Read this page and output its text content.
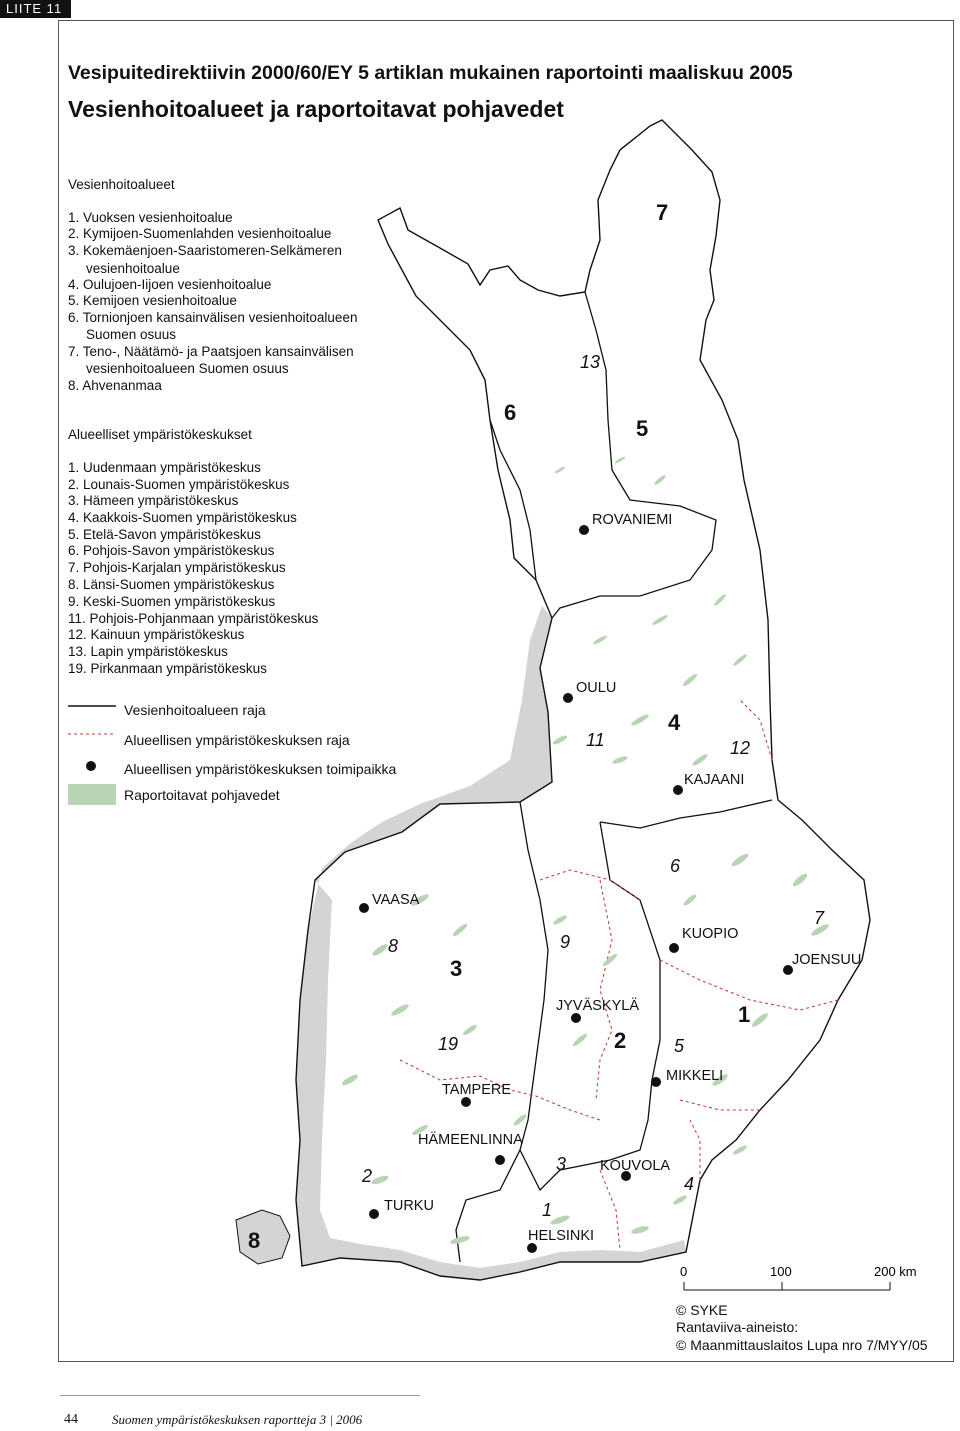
LIITE 11
Vesipuitedirektiivin 2000/60/EY 5 artiklan mukainen raportointi maaliskuu 2005
Vesienhoitoalueet ja raportoitavat pohjavedet
Vesienhoitoalueet
1. Vuoksen vesienhoitoalue
2. Kymijoen-Suomenlahden vesienhoitoalue
3. Kokemäenjoen-Saaristomeren-Selkämeren
vesienhoitoalue
4. Oulujoen-Iijoen vesienhoitoalue
5. Kemijoen vesienhoitoalue
6. Tornionjoen kansainvälisen vesienhoitoalueen
Suomen osuus
7. Teno-, Näätämö- ja Paatsjoen kansainvälisen
vesienhoitoalueen Suomen osuus
8. Ahvenanmaa
Alueelliset ympäristökeskukset
1. Uudenmaan ympäristökeskus
2. Lounais-Suomen ympäristökeskus
3. Hämeen ympäristökeskus
4. Kaakkois-Suomen ympäristökeskus
5. Etelä-Savon ympäristökeskus
6. Pohjois-Savon ympäristökeskus
7. Pohjois-Karjalan ympäristökeskus
8. Länsi-Suomen ympäristökeskus
9. Keski-Suomen ympäristökeskus
11. Pohjois-Pohjanmaan ympäristökeskus
12. Kainuun ympäristökeskus
13. Lapin ympäristökeskus
19. Pirkanmaan ympäristökeskus
Vesienhoitoalueen raja
Alueellisen ympäristökeskuksen raja
Alueellisen ympäristökeskuksen toimipaikka
Raportoitavat pohjavedet
7
6
5
4
3
2
1
8
13
11	12
6
7
8	9
19
2
5
3
4
1
ROVANIEMI
OULU
KAJAANI
VAASA
KUOPIO
JOENSUU
JYVÄSKYLÄ
MIKKELI
TAMPERE
HÄMEENLINNA
KOUVOLA
TURKU
HELSINKI
0	100	200 km
© SYKE
Rantaviiva-aineisto:
© Maanmittauslaitos Lupa nro 7/MYY/05
44	Suomen ympäristökeskuksen raportteja 3 | 2006
